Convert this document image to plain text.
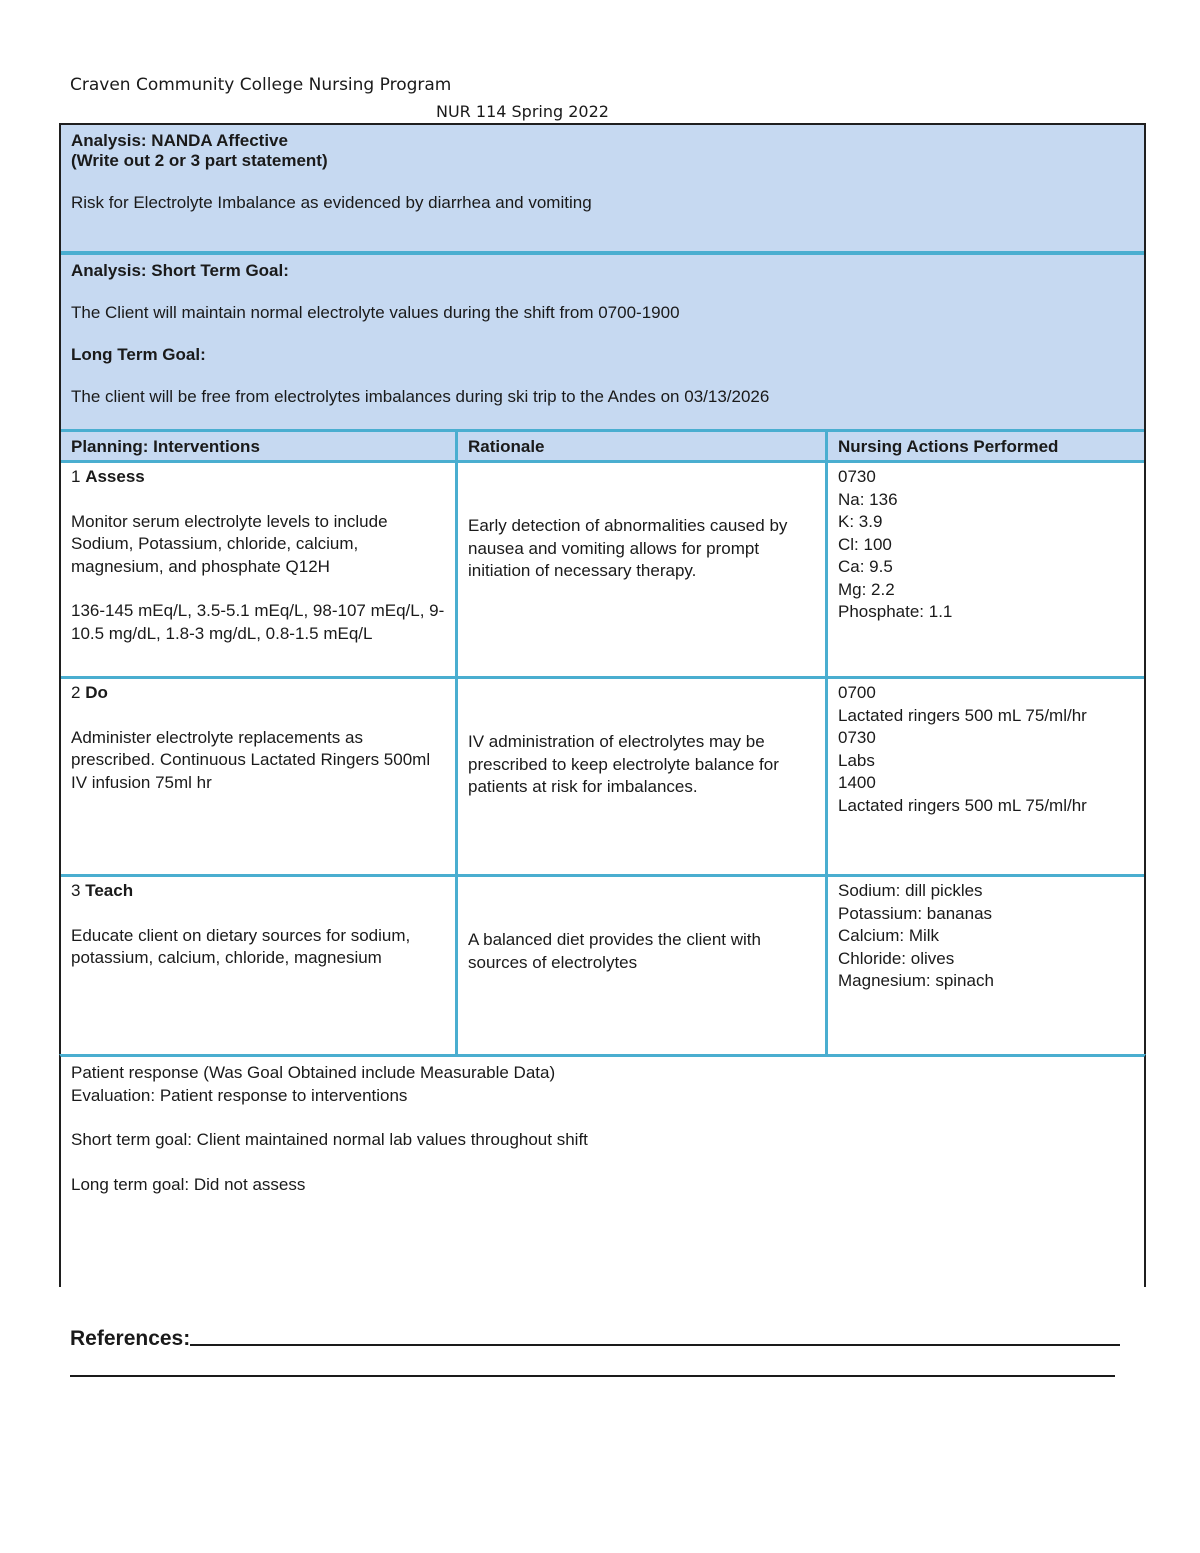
Craven Community College Nursing Program
NUR 114 Spring 2022
Analysis: NANDA Affective
(Write out 2 or 3 part statement)
Risk for Electrolyte Imbalance as evidenced by diarrhea and vomiting
Analysis: Short Term Goal:
The Client will maintain normal electrolyte values during the shift from 0700-1900
Long Term Goal:
The client will be free from electrolytes imbalances during ski trip to the Andes on 03/13/2026
Planning: Interventions	Rationale	Nursing Actions Performed
1 Assess
Monitor serum electrolyte levels to include Sodium, Potassium, chloride, calcium, magnesium, and phosphate Q12H
136-145 mEq/L, 3.5-5.1 mEq/L, 98-107 mEq/L, 9-10.5 mg/dL, 1.8-3 mg/dL, 0.8-1.5 mEq/L
Early detection of abnormalities caused by nausea and vomiting allows for prompt initiation of necessary therapy.
0730
Na: 136
K: 3.9
Cl: 100
Ca: 9.5
Mg: 2.2
Phosphate: 1.1
2 Do
Administer electrolyte replacements as prescribed. Continuous Lactated Ringers 500ml IV infusion 75ml hr
IV administration of electrolytes may be prescribed to keep electrolyte balance for patients at risk for imbalances.
0700
Lactated ringers 500 mL 75/ml/hr
0730
Labs
1400
Lactated ringers 500 mL 75/ml/hr
3 Teach
Educate client on dietary sources for sodium, potassium, calcium, chloride, magnesium
A balanced diet provides the client with sources of electrolytes
Sodium: dill pickles
Potassium: bananas
Calcium: Milk
Chloride: olives
Magnesium: spinach
Patient response (Was Goal Obtained include Measurable Data)
Evaluation: Patient response to interventions
Short term goal: Client maintained normal lab values throughout shift
Long term goal: Did not assess
References:
